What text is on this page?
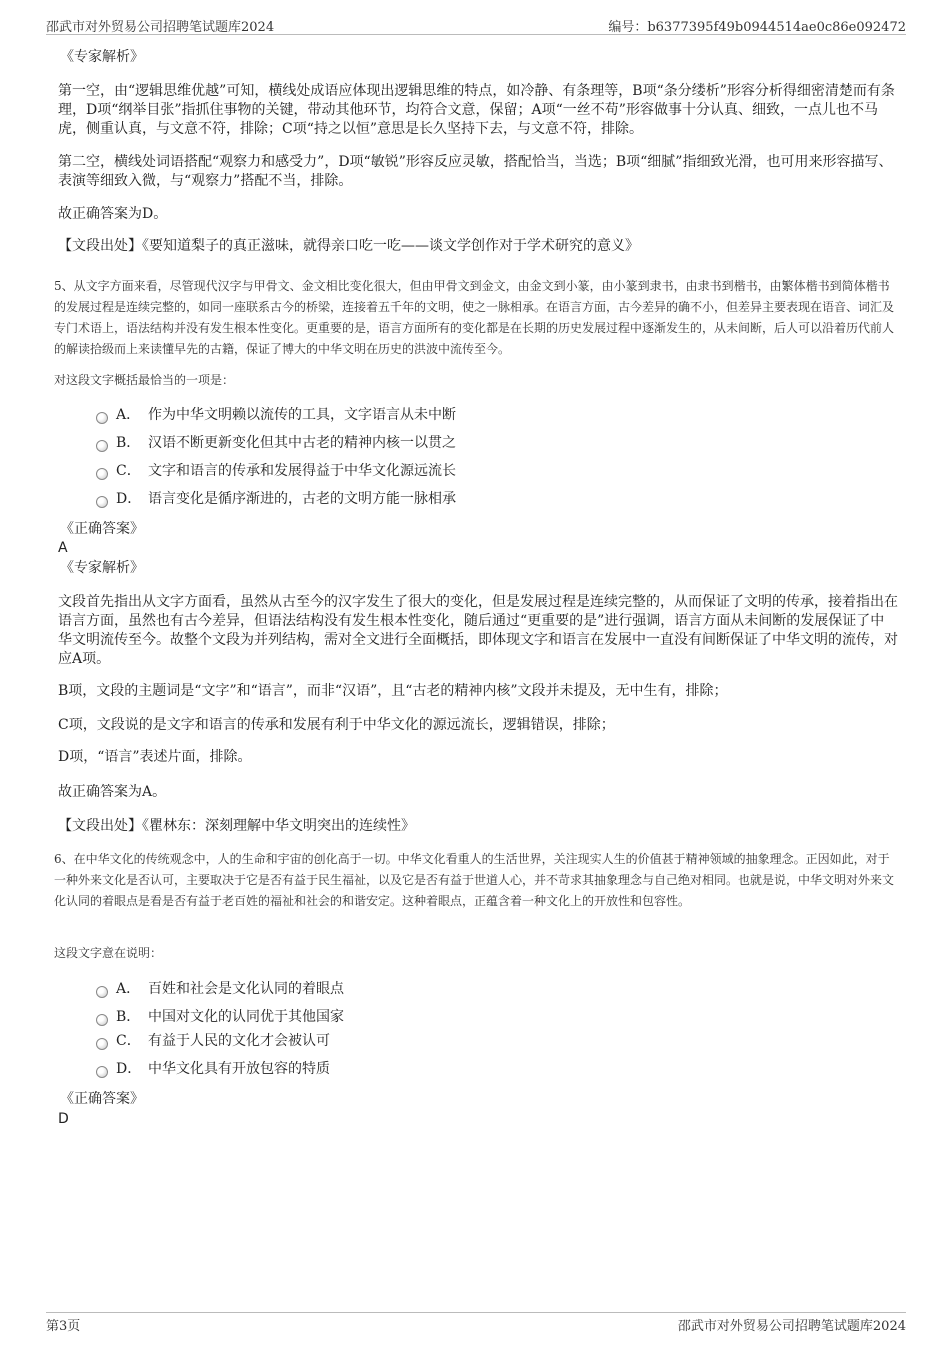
邵武市对外贸易公司招聘笔试题库2024	编号：b6377395f49b0944514ae0c86e092472
《专家解析》
第一空，由“逻辑思维优越”可知，横线处成语应体现出逻辑思维的特点，如冷静、有条理等，B项“条分缕析”形容分析得细密清楚而有条理，D项“纲举目张”指抓住事物的关键，带动其他环节，均符合文意，保留；A项“一丝不苟”形容做事十分认真、细致，一点儿也不马虎，侧重认真，与文意不符，排除；C项“持之以恒”意思是长久坚持下去，与文意不符，排除。
第二空，横线处词语搭配“观察力和感受力”，D项“敏锐”形容反应灵敏，搭配恰当，当选；B项“细腻”指细致光滑，也可用来形容描写、表演等细致入微，与“观察力”搭配不当，排除。
故正确答案为D。
【文段出处】《要知道梨子的真正滋味，就得亲口吃一吃——谈文学创作对于学术研究的意义》
5、从文字方面来看，尽管现代汉字与甲骨文、金文相比变化很大，但由甲骨文到金文，由金文到小篆，由小篆到隶书，由隶书到楷书，由繁体楷书到简体楷书的发展过程是连续完整的，如同一座联系古今的桥梁，连接着五千年的文明，使之一脉相承。在语言方面，古今差异的确不小，但差异主要表现在语音、词汇及专门术语上，语法结构并没有发生根本性变化。更重要的是，语言方面所有的变化都是在长期的历史发展过程中逐渐发生的，从未间断，后人可以沿着历代前人的解读拾级而上来读懂早先的古籍，保证了博大的中华文明在历史的洪波中流传至今。
对这段文字概括最恰当的一项是：
A． 作为中华文明赖以流传的工具，文字语言从未中断
B． 汉语不断更新变化但其中古老的精神内核一以贯之
C． 文字和语言的传承和发展得益于中华文化源远流长
D． 语言变化是循序渐进的，古老的文明方能一脉相承
《正确答案》
A
《专家解析》
文段首先指出从文字方面看，虽然从古至今的汉字发生了很大的变化，但是发展过程是连续完整的，从而保证了文明的传承，接着指出在语言方面，虽然也有古今差异，但语法结构没有发生根本性变化，随后通过“更重要的是”进行强调，语言方面从未间断的发展保证了中华文明流传至今。故整个文段为并列结构，需对全文进行全面概括，即体现文字和语言在发展中一直没有间断保证了中华文明的流传，对应A项。
B项，文段的主题词是“文字”和“语言”，而非“汉语”，且“古老的精神内核”文段并未提及，无中生有，排除；
C项，文段说的是文字和语言的传承和发展有利于中华文化的源远流长，逻辑错误，排除；
D项，“语言”表述片面，排除。
故正确答案为A。
【文段出处】《瞿林东：深刻理解中华文明突出的连续性》
6、在中华文化的传统观念中，人的生命和宇宙的创化高于一切。中华文化看重人的生活世界，关注现实人生的价值甚于精神领域的抽象理念。正因如此，对于一种外来文化是否认可，主要取决于它是否有益于民生福祉，以及它是否有益于世道人心，并不苛求其抽象理念与自己绝对相同。也就是说，中华文明对外来文化认同的着眼点是看是否有益于老百姓的福祉和社会的和谐安定。这种着眼点，正蕴含着一种文化上的开放性和包容性。
这段文字意在说明：
A． 百姓和社会是文化认同的着眼点
B． 中国对文化的认同优于其他国家
C． 有益于人民的文化才会被认可
D． 中华文化具有开放包容的特质
《正确答案》
D
第3页	邵武市对外贸易公司招聘笔试题库2024
